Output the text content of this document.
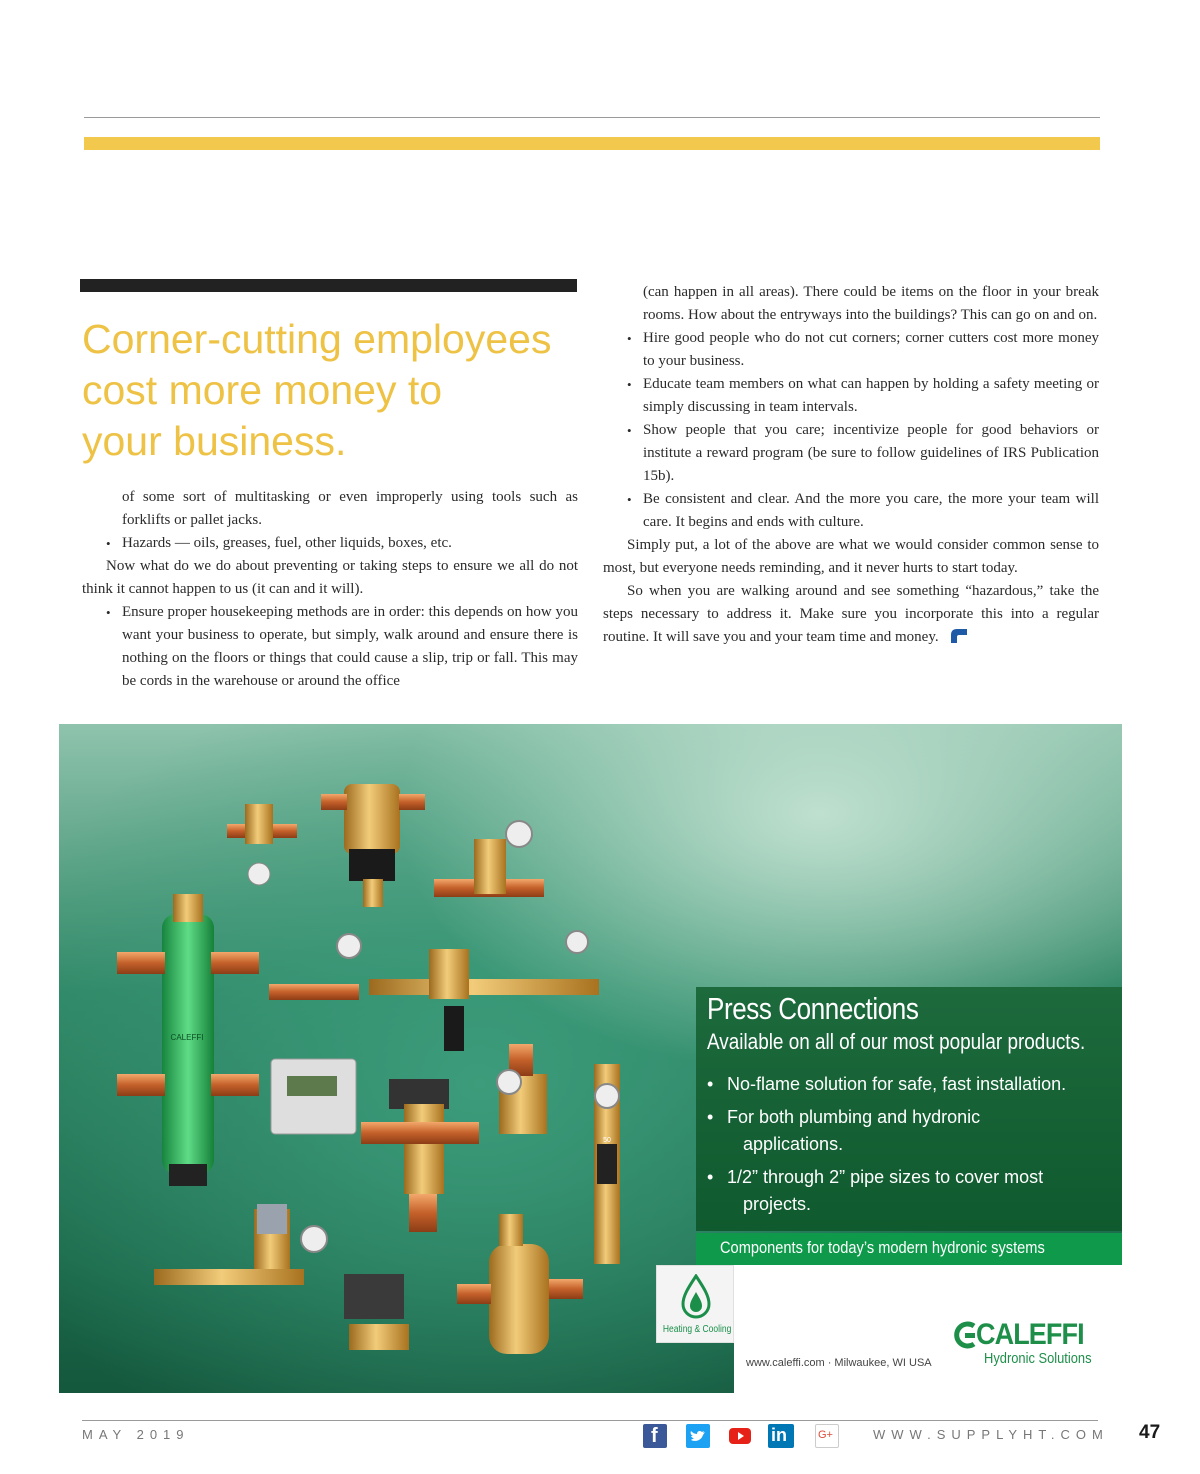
Corner-cutting employees
cost more money to
your business.

of some sort of multitasking or even improperly using tools such as forklifts or pallet jacks.

• Hazards — oils, greases, fuel, other liquids, boxes, etc.

Now what do we do about preventing or taking steps to ensure we all do not think it cannot happen to us (it can and it will).

• Ensure proper housekeeping methods are in order: this depends on how you want your business to operate, but simply, walk around and ensure there is nothing on the floors or things that could cause a slip, trip or fall. This may be cords in the warehouse or around the office

(can happen in all areas). There could be items on the floor in your break rooms. How about the entryways into the buildings? This can go on and on.

• Hire good people who do not cut corners; corner cutters cost more money to your business.

• Educate team members on what can happen by holding a safety meeting or simply discussing in team intervals.

• Show people that you care; incentivize people for good behaviors or institute a reward program (be sure to follow guidelines of IRS Publication 15b).

• Be consistent and clear. And the more you care, the more your team will care. It begins and ends with culture.

Simply put, a lot of the above are what we would consider common sense to most, but everyone needs reminding, and it never hurts to start today.

So when you are walking around and see something “hazardous,” take the steps necessary to address it. Make sure you incorporate this into a regular routine. It will save you and your team time and money.

CALEFFI
50
Press Connections
Available on all of our most popular products.
• No-flame solution for safe, fast installation.
• For both plumbing and hydronic
applications.
• 1/2” through 2” pipe sizes to cover most
projects.
Components for today’s modern hydronic systems
Heating & Cooling
www.caleffi.com · Milwaukee, WI USA
CALEFFI
Hydronic Solutions
MAY 2019	f	in	G+	WWW.SUPPLYHT.COM 47
